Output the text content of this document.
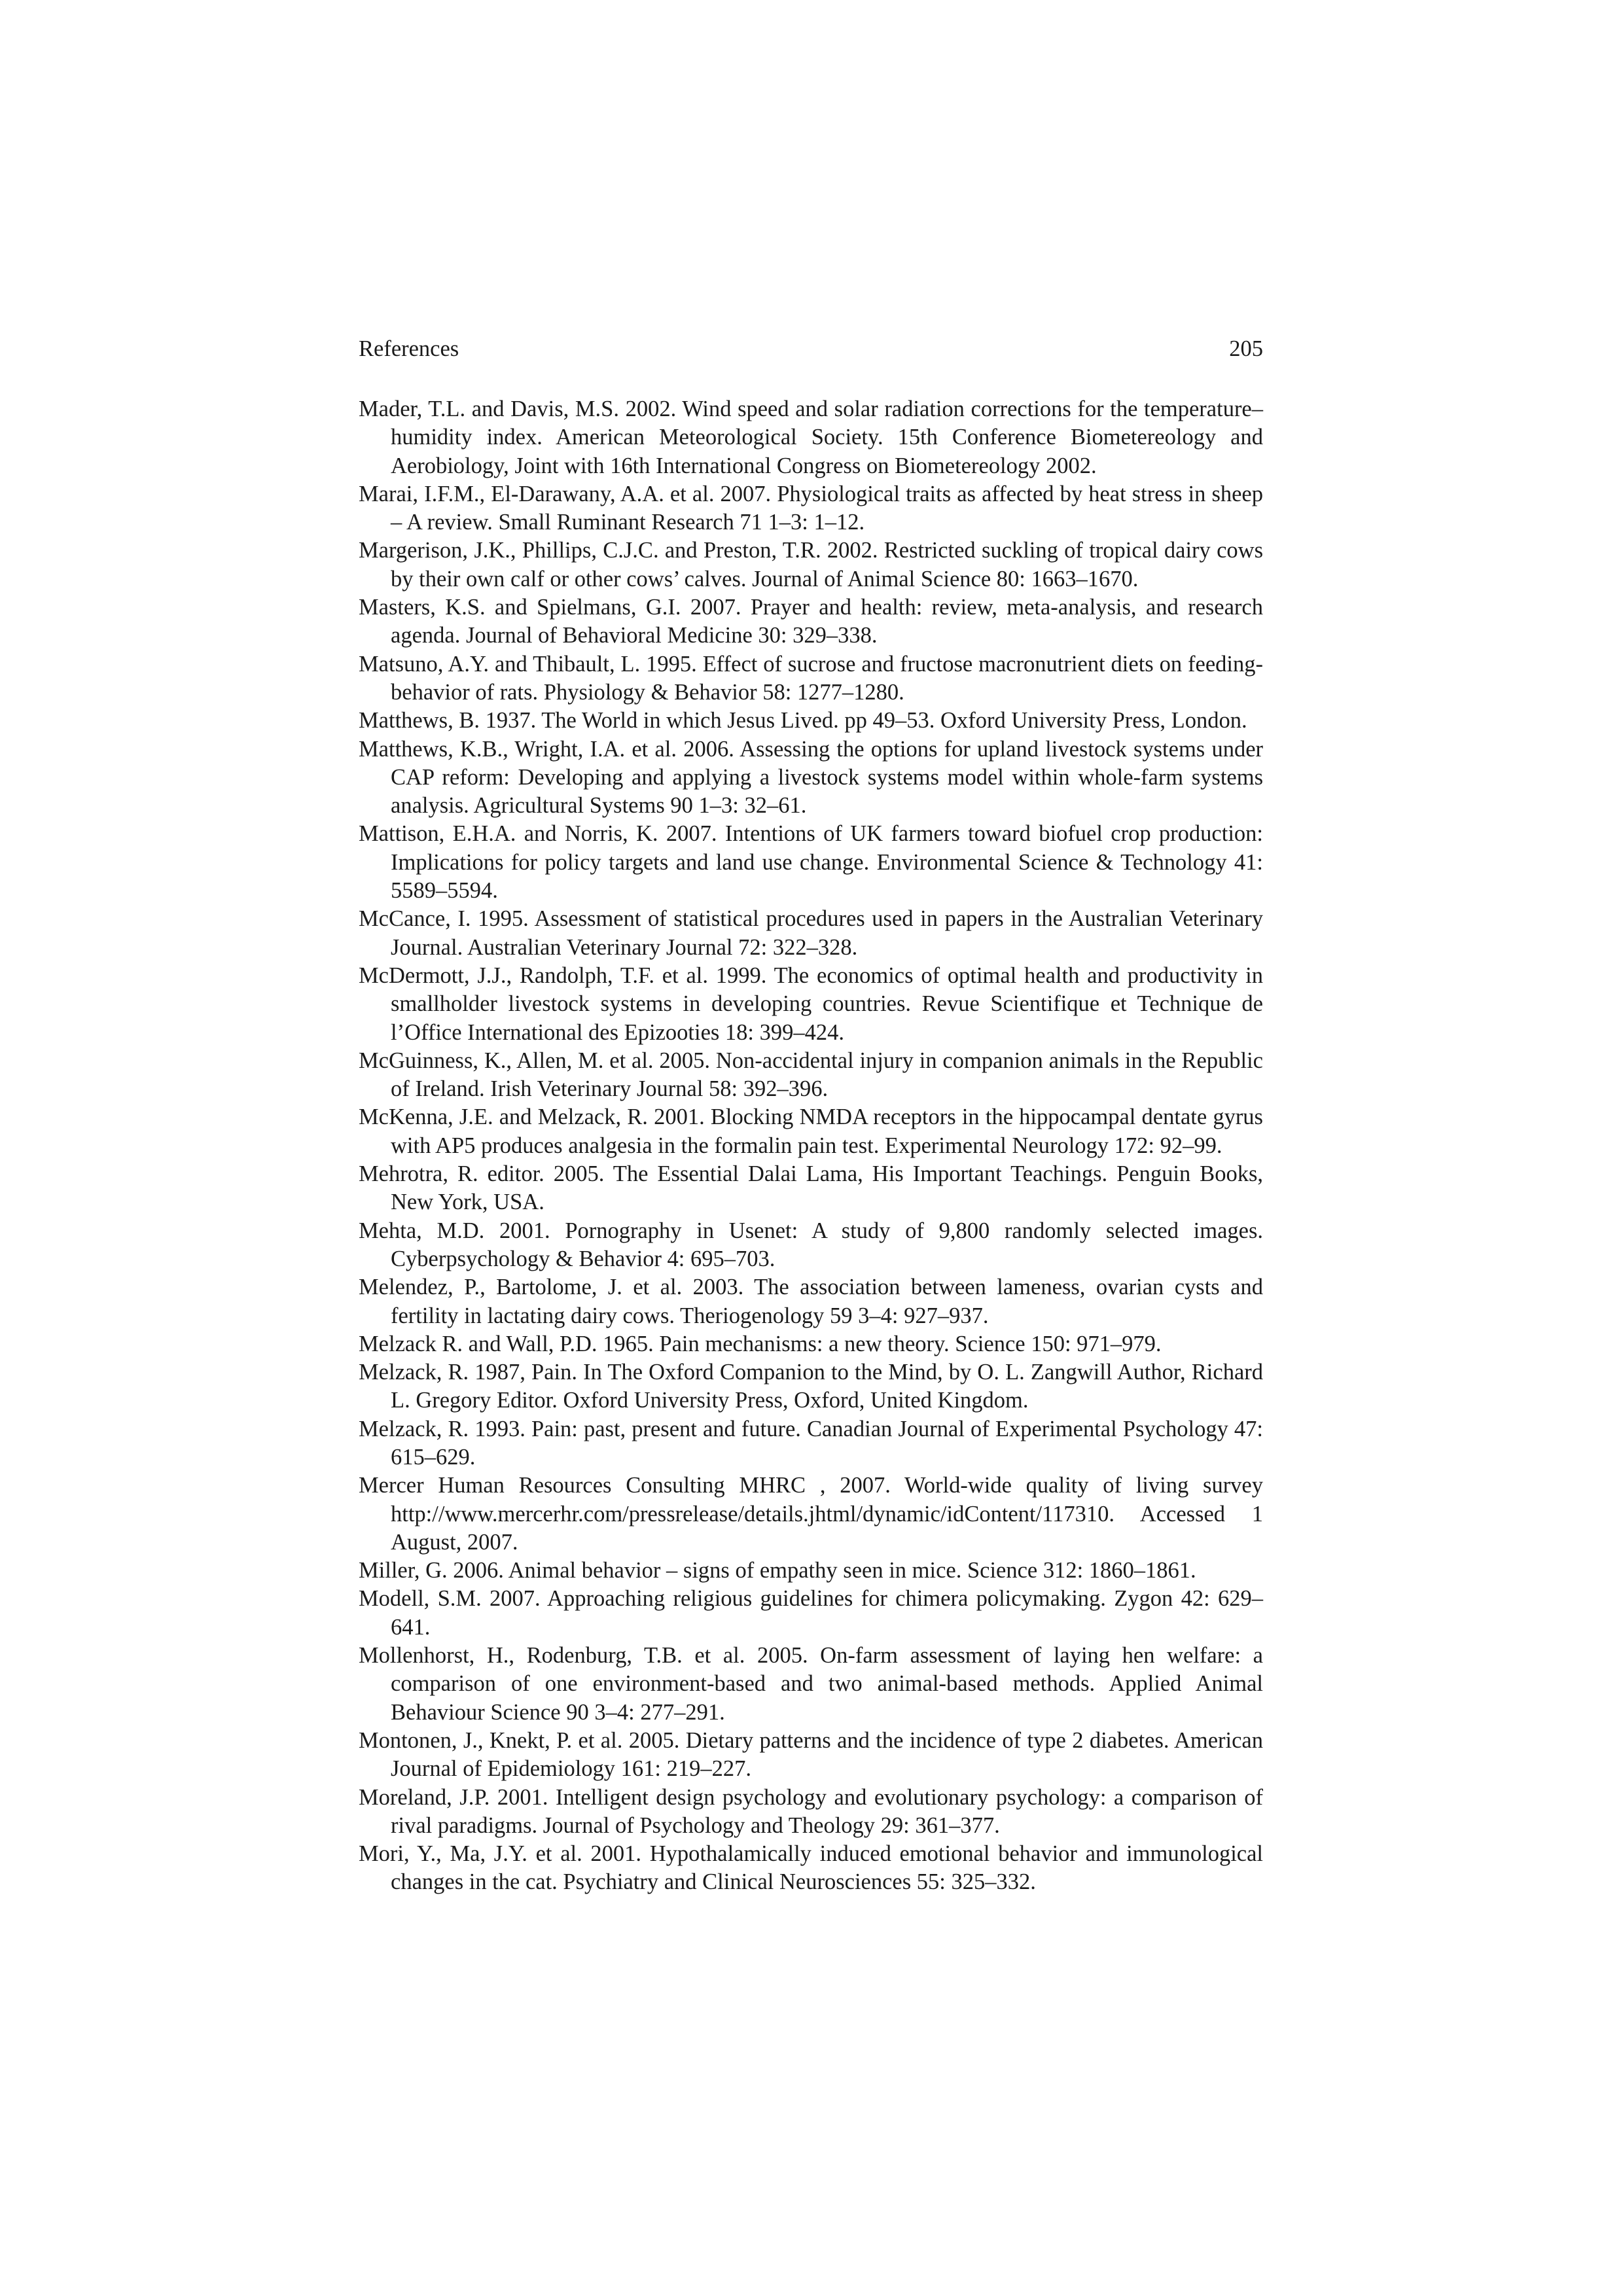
References	205
Mader, T.L. and Davis, M.S. 2002. Wind speed and solar radiation corrections for the temperature–humidity index. American Meteorological Society. 15th Conference Biometereology and Aerobiology, Joint with 16th International Congress on Biometereology 2002.
Marai, I.F.M., El-Darawany, A.A. et al. 2007. Physiological traits as affected by heat stress in sheep – A review. Small Ruminant Research 71 1–3: 1–12.
Margerison, J.K., Phillips, C.J.C. and Preston, T.R. 2002. Restricted suckling of tropical dairy cows by their own calf or other cows’ calves. Journal of Animal Science 80: 1663–1670.
Masters, K.S. and Spielmans, G.I. 2007. Prayer and health: review, meta-analysis, and research agenda. Journal of Behavioral Medicine 30: 329–338.
Matsuno, A.Y. and Thibault, L. 1995. Effect of sucrose and fructose macronutrient diets on feeding-behavior of rats. Physiology & Behavior 58: 1277–1280.
Matthews, B. 1937. The World in which Jesus Lived. pp 49–53. Oxford University Press, London.
Matthews, K.B., Wright, I.A. et al. 2006. Assessing the options for upland livestock systems under CAP reform: Developing and applying a livestock systems model within whole-farm systems analysis. Agricultural Systems 90 1–3: 32–61.
Mattison, E.H.A. and Norris, K. 2007. Intentions of UK farmers toward biofuel crop production: Implications for policy targets and land use change. Environmental Science & Technology 41: 5589–5594.
McCance, I. 1995. Assessment of statistical procedures used in papers in the Australian Veterinary Journal. Australian Veterinary Journal 72: 322–328.
McDermott, J.J., Randolph, T.F. et al. 1999. The economics of optimal health and productivity in smallholder livestock systems in developing countries. Revue Scientifique et Technique de l’Office International des Epizooties 18: 399–424.
McGuinness, K., Allen, M. et al. 2005. Non-accidental injury in companion animals in the Republic of Ireland. Irish Veterinary Journal 58: 392–396.
McKenna, J.E. and Melzack, R. 2001. Blocking NMDA receptors in the hippocampal dentate gyrus with AP5 produces analgesia in the formalin pain test. Experimental Neurology 172: 92–99.
Mehrotra, R. editor. 2005. The Essential Dalai Lama, His Important Teachings. Penguin Books, New York, USA.
Mehta, M.D. 2001. Pornography in Usenet: A study of 9,800 randomly selected images. Cyberpsychology & Behavior 4: 695–703.
Melendez, P., Bartolome, J. et al. 2003. The association between lameness, ovarian cysts and fertility in lactating dairy cows. Theriogenology 59 3–4: 927–937.
Melzack R. and Wall, P.D. 1965. Pain mechanisms: a new theory. Science 150: 971–979.
Melzack, R. 1987, Pain. In The Oxford Companion to the Mind, by O. L. Zangwill Author, Richard L. Gregory Editor. Oxford University Press, Oxford, United Kingdom.
Melzack, R. 1993. Pain: past, present and future. Canadian Journal of Experimental Psychology 47: 615–629.
Mercer Human Resources Consulting MHRC , 2007. World-wide quality of living survey http://www.mercerhr.com/pressrelease/details.jhtml/dynamic/idContent/117310. Accessed 1 August, 2007.
Miller, G. 2006. Animal behavior – signs of empathy seen in mice. Science 312: 1860–1861.
Modell, S.M. 2007. Approaching religious guidelines for chimera policymaking. Zygon 42: 629–641.
Mollenhorst, H., Rodenburg, T.B. et al. 2005. On-farm assessment of laying hen welfare: a comparison of one environment-based and two animal-based methods. Applied Animal Behaviour Science 90 3–4: 277–291.
Montonen, J., Knekt, P. et al. 2005. Dietary patterns and the incidence of type 2 diabetes. American Journal of Epidemiology 161: 219–227.
Moreland, J.P. 2001. Intelligent design psychology and evolutionary psychology: a comparison of rival paradigms. Journal of Psychology and Theology 29: 361–377.
Mori, Y., Ma, J.Y. et al. 2001. Hypothalamically induced emotional behavior and immunological changes in the cat. Psychiatry and Clinical Neurosciences 55: 325–332.
